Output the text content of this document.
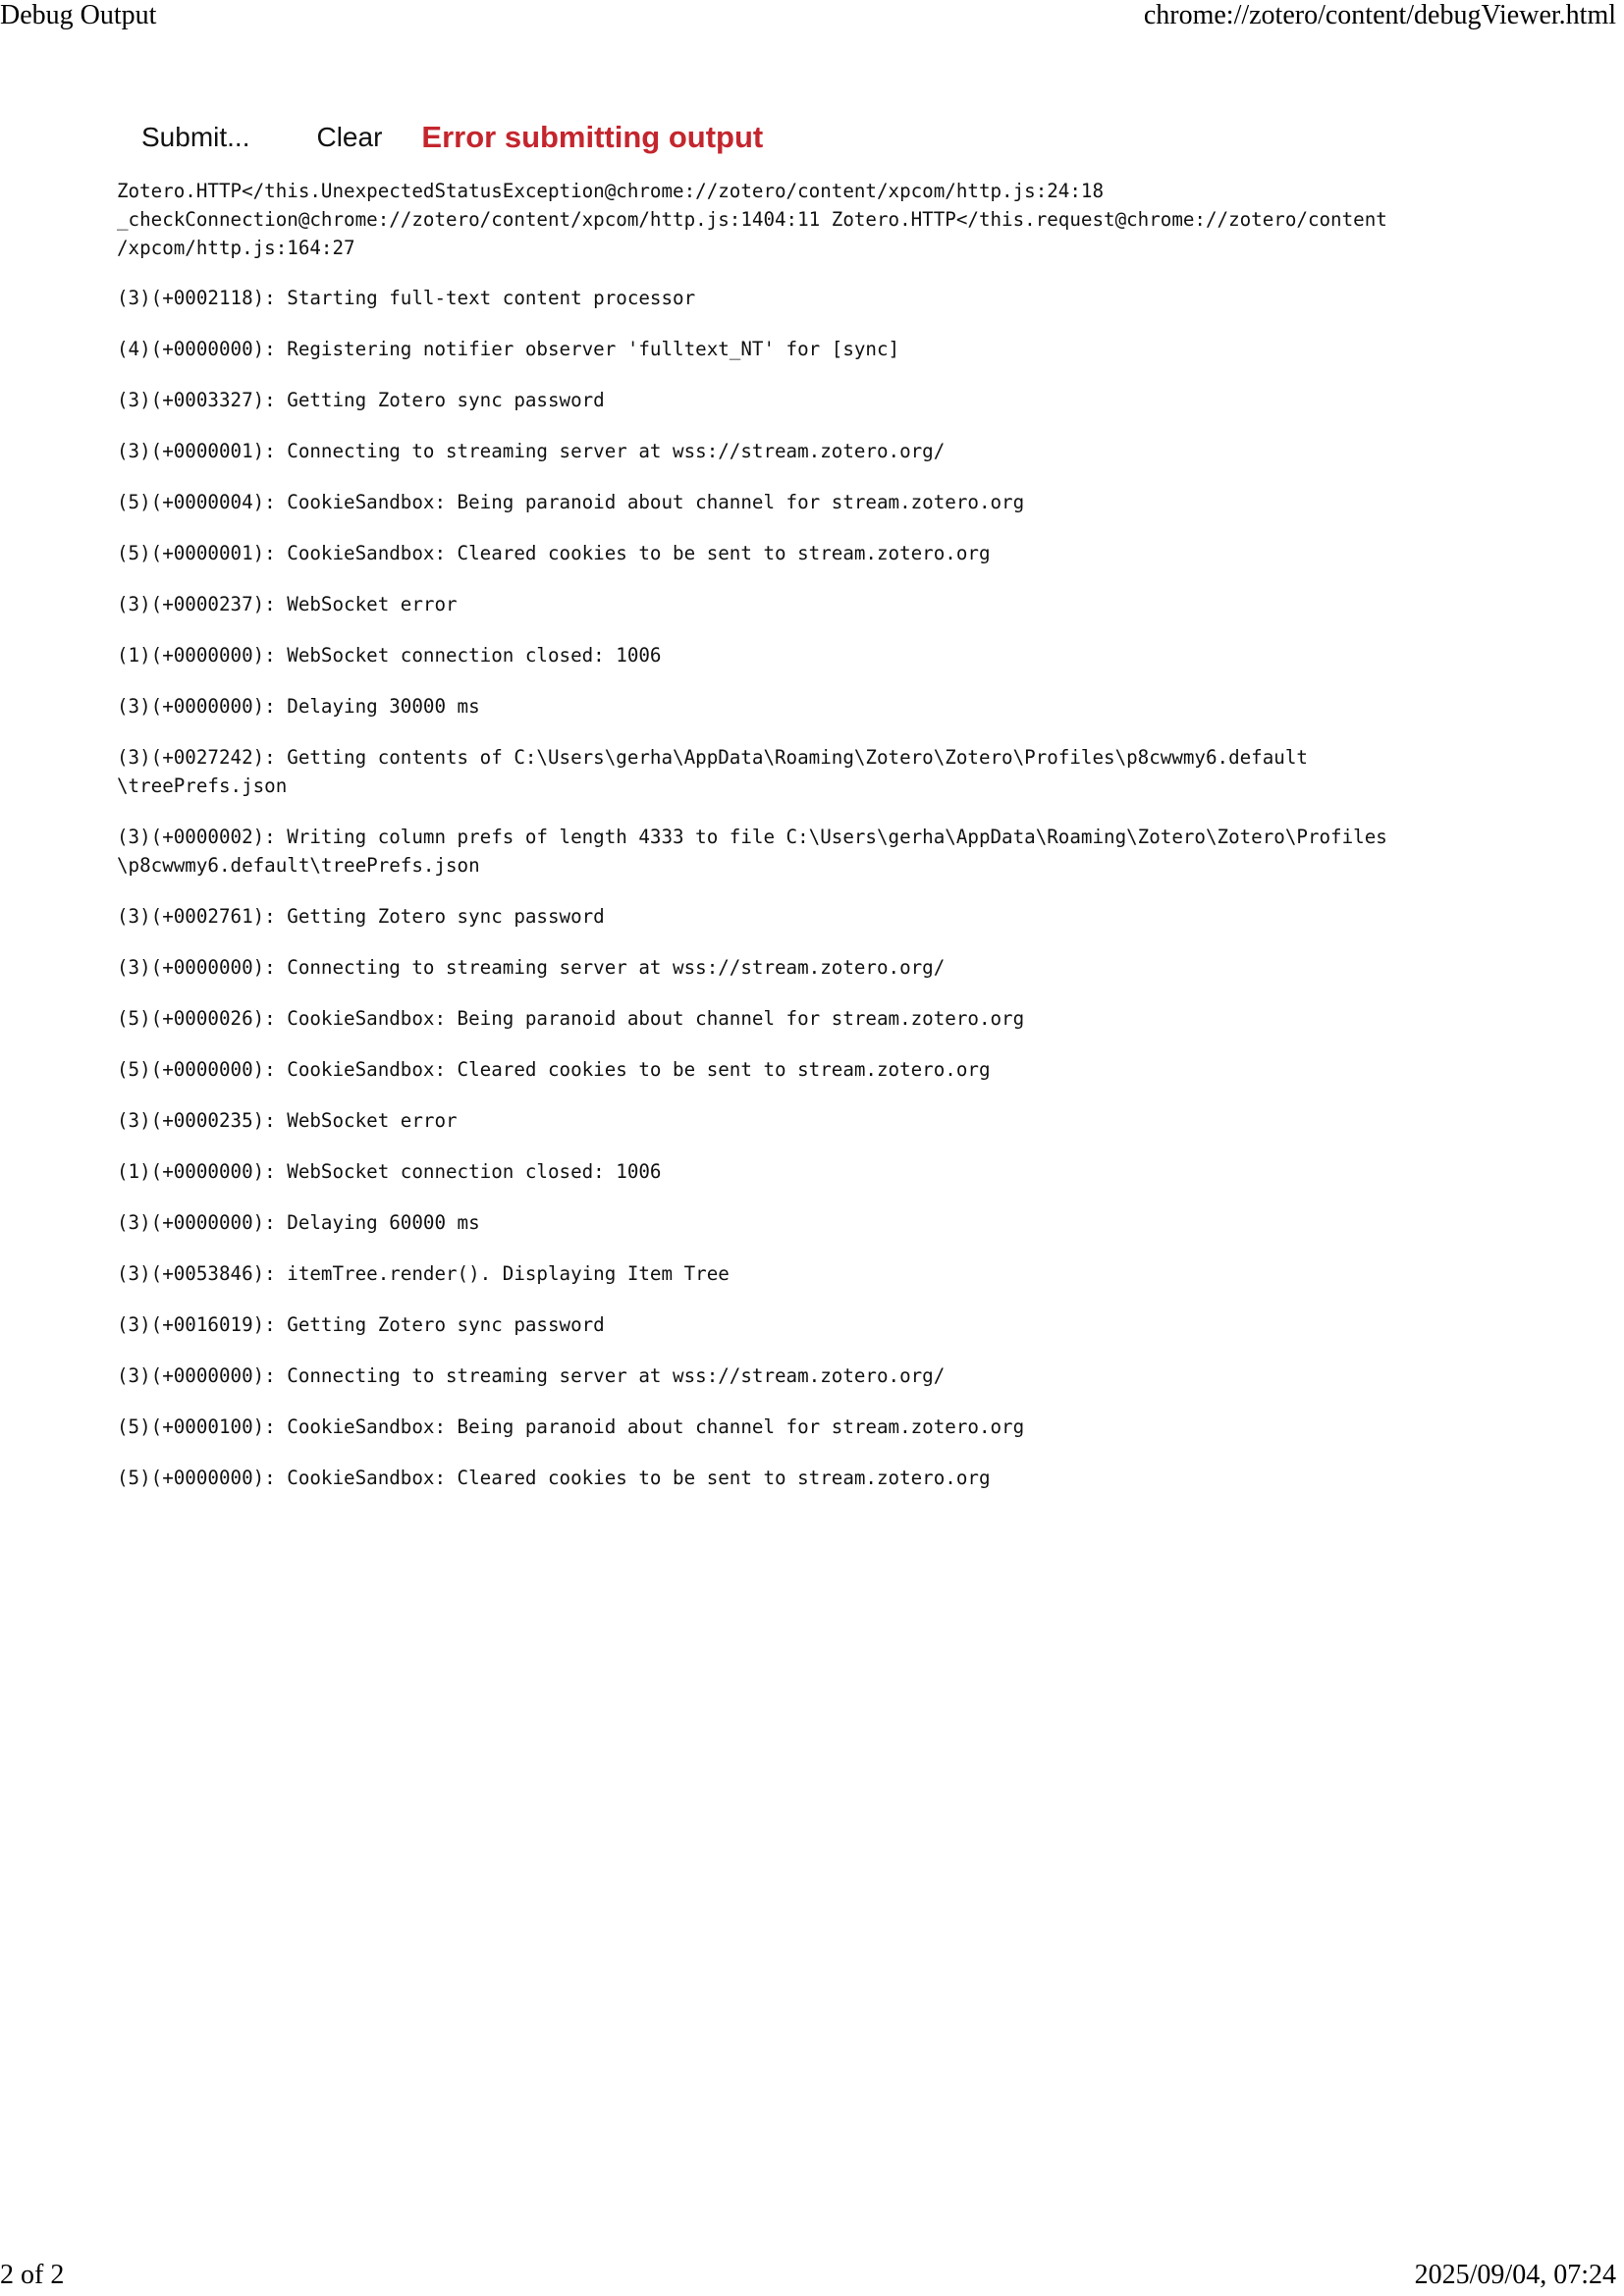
Debug Output	chrome://zotero/content/debugViewer.html
Submit...	Clear	Error submitting output
Zotero.HTTP</this.UnexpectedStatusException@chrome://zotero/content/xpcom/http.js:24:18
_checkConnection@chrome://zotero/content/xpcom/http.js:1404:11 Zotero.HTTP</this.request@chrome://zotero/content
/xpcom/http.js:164:27
(3)(+0002118): Starting full-text content processor
(4)(+0000000): Registering notifier observer 'fulltext_NT' for [sync]
(3)(+0003327): Getting Zotero sync password
(3)(+0000001): Connecting to streaming server at wss://stream.zotero.org/
(5)(+0000004): CookieSandbox: Being paranoid about channel for stream.zotero.org
(5)(+0000001): CookieSandbox: Cleared cookies to be sent to stream.zotero.org
(3)(+0000237): WebSocket error
(1)(+0000000): WebSocket connection closed: 1006
(3)(+0000000): Delaying 30000 ms
(3)(+0027242): Getting contents of C:\Users\gerha\AppData\Roaming\Zotero\Zotero\Profiles\p8cwwmy6.default
\treePrefs.json
(3)(+0000002): Writing column prefs of length 4333 to file C:\Users\gerha\AppData\Roaming\Zotero\Zotero\Profiles
\p8cwwmy6.default\treePrefs.json
(3)(+0002761): Getting Zotero sync password
(3)(+0000000): Connecting to streaming server at wss://stream.zotero.org/
(5)(+0000026): CookieSandbox: Being paranoid about channel for stream.zotero.org
(5)(+0000000): CookieSandbox: Cleared cookies to be sent to stream.zotero.org
(3)(+0000235): WebSocket error
(1)(+0000000): WebSocket connection closed: 1006
(3)(+0000000): Delaying 60000 ms
(3)(+0053846): itemTree.render(). Displaying Item Tree
(3)(+0016019): Getting Zotero sync password
(3)(+0000000): Connecting to streaming server at wss://stream.zotero.org/
(5)(+0000100): CookieSandbox: Being paranoid about channel for stream.zotero.org
(5)(+0000000): CookieSandbox: Cleared cookies to be sent to stream.zotero.org
2 of 2	2025/09/04, 07:24
